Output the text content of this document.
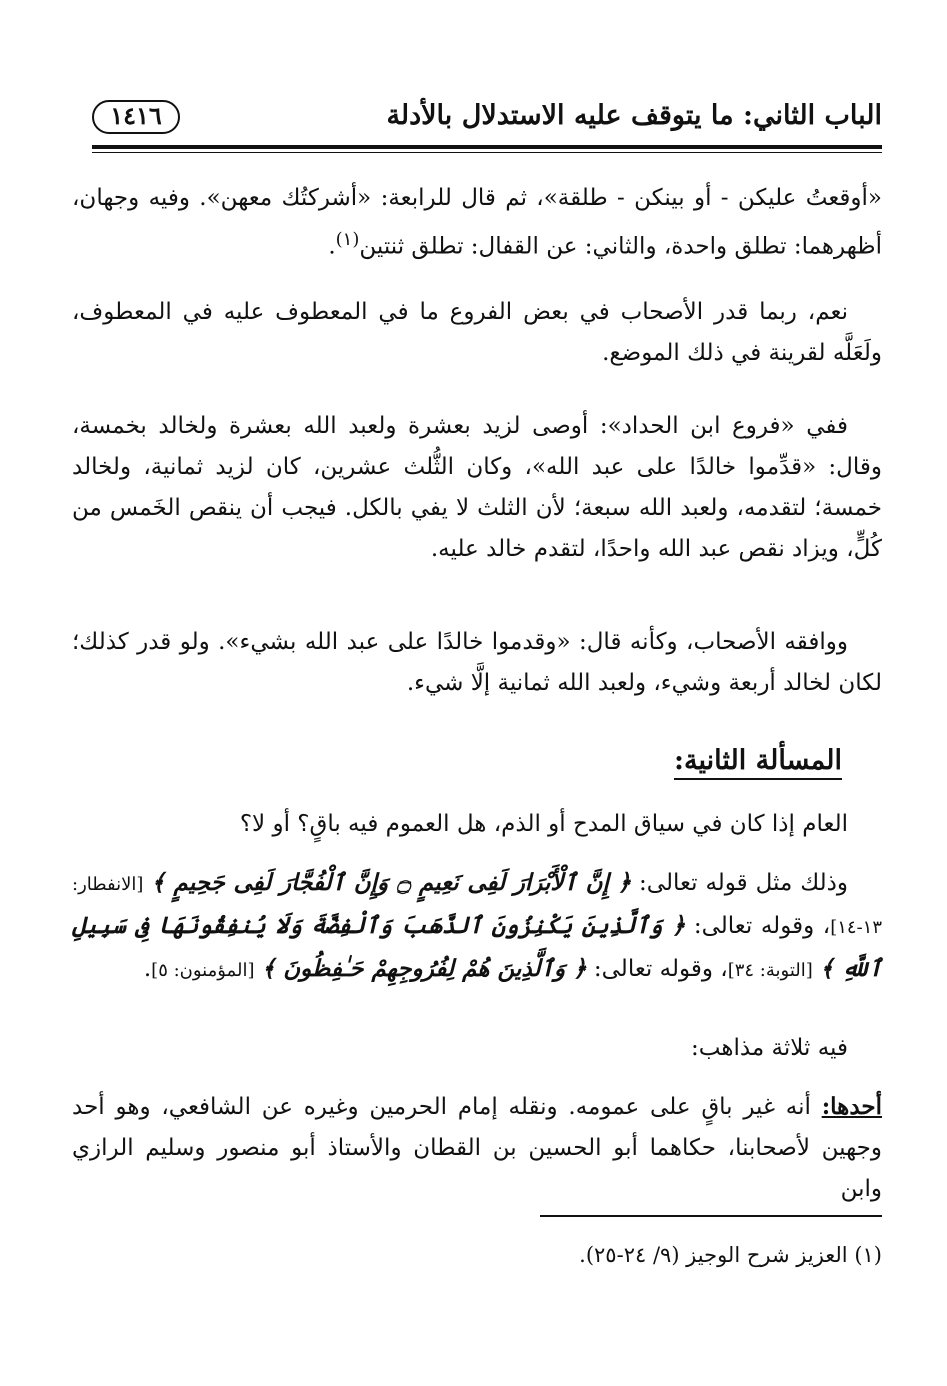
الباب الثاني: ما يتوقف عليه الاستدلال بالأدلة
١٤١٦
«أوقعتُ عليكن - أو بينكن - طلقة»، ثم قال للرابعة: «أشركتُك معهن». وفيه وجهان، أظهرهما: تطلق واحدة، والثاني: عن القفال: تطلق ثنتين$^{(١)}$.
نعم، ربما قدر الأصحاب في بعض الفروع ما في المعطوف عليه في المعطوف، ولَعَلَّه لقرينة في ذلك الموضع.
ففي «فروع ابن الحداد»: أوصى لزيد بعشرة ولعبد الله بعشرة ولخالد بخمسة، وقال: «قدِّموا خالدًا على عبد الله»، وكان الثُّلث عشرين، كان لزيد ثمانية، ولخالد خمسة؛ لتقدمه، ولعبد الله سبعة؛ لأن الثلث لا يفي بالكل. فيجب أن ينقص الخَمس من كُلٍّ، ويزاد نقص عبد الله واحدًا، لتقدم خالد عليه.
ووافقه الأصحاب، وكأنه قال: «وقدموا خالدًا على عبد الله بشيء». ولو قدر كذلك؛ لكان لخالد أربعة وشيء، ولعبد الله ثمانية إلَّا شيء.
المسألة الثانية:
العام إذا كان في سياق المدح أو الذم، هل العموم فيه باقٍ؟ أو لا؟
وذلك مثل قوله تعالى: ﴿ إِنَّ ٱلْأَبْرَارَ لَفِى نَعِيمٍ ۝ وَإِنَّ ٱلْفُجَّارَ لَفِى جَحِيمٍ ﴾ [الانفطار: ١٣-١٤]، وقوله تعالى: ﴿ وَٱلَّذِينَ يَكْنِزُونَ ٱلذَّهَبَ وَٱلْفِضَّةَ وَلَا يُنفِقُونَهَا فِى سَبِيلِ ٱللَّهِ ﴾ [التوبة: ٣٤]، وقوله تعالى: ﴿ وَٱلَّذِينَ هُمْ لِفُرُوجِهِمْ حَـٰفِظُونَ ﴾ [المؤمنون: ٥].
فيه ثلاثة مذاهب:
أحدها: أنه غير باقٍ على عمومه. ونقله إمام الحرمين وغيره عن الشافعي، وهو أحد وجهين لأصحابنا، حكاهما أبو الحسين بن القطان والأستاذ أبو منصور وسليم الرازي وابن
(١) العزيز شرح الوجيز (٩/ ٢٤-٢٥).
